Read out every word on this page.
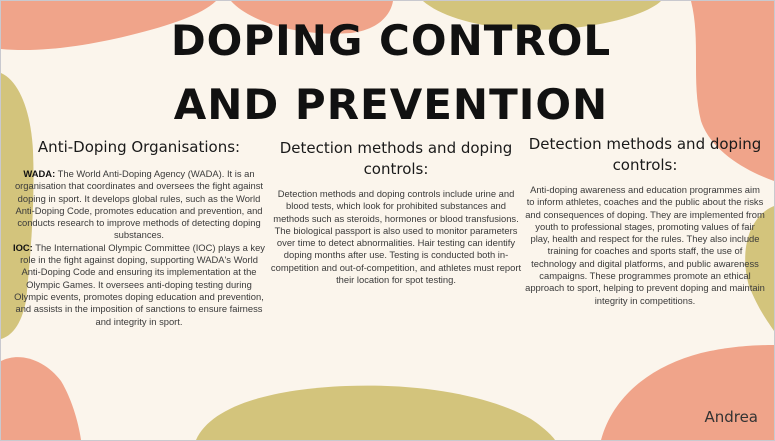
DOPING CONTROL AND PREVENTION
Anti-Doping Organisations:

WADA: The World Anti-Doping Agency (WADA). It is an organisation that coordinates and oversees the fight against doping in sport. It develops global rules, such as the World Anti-Doping Code, promotes education and prevention, and conducts research to improve methods of detecting doping substances.

IOC: The International Olympic Committee (IOC) plays a key role in the fight against doping, supporting WADA's World Anti-Doping Code and ensuring its implementation at the Olympic Games. It oversees anti-doping testing during Olympic events, promotes doping education and prevention, and assists in the imposition of sanctions to ensure fairness and integrity in sport.

Detection methods and doping controls:

Detection methods and doping controls include urine and blood tests, which look for prohibited substances and methods such as steroids, hormones or blood transfusions. The biological passport is also used to monitor parameters over time to detect abnormalities. Hair testing can identify doping months after use. Testing is conducted both in-competition and out-of-competition, and athletes must report their location for spot testing.

Detection methods and doping controls:

Anti-doping awareness and education programmes aim to inform athletes, coaches and the public about the risks and consequences of doping. They are implemented from youth to professional stages, promoting values of fair play, health and respect for the rules. They also include training for coaches and sports staff, the use of technology and digital platforms, and public awareness campaigns. These programmes promote an ethical approach to sport, helping to prevent doping and maintain integrity in competitions.

Andrea
